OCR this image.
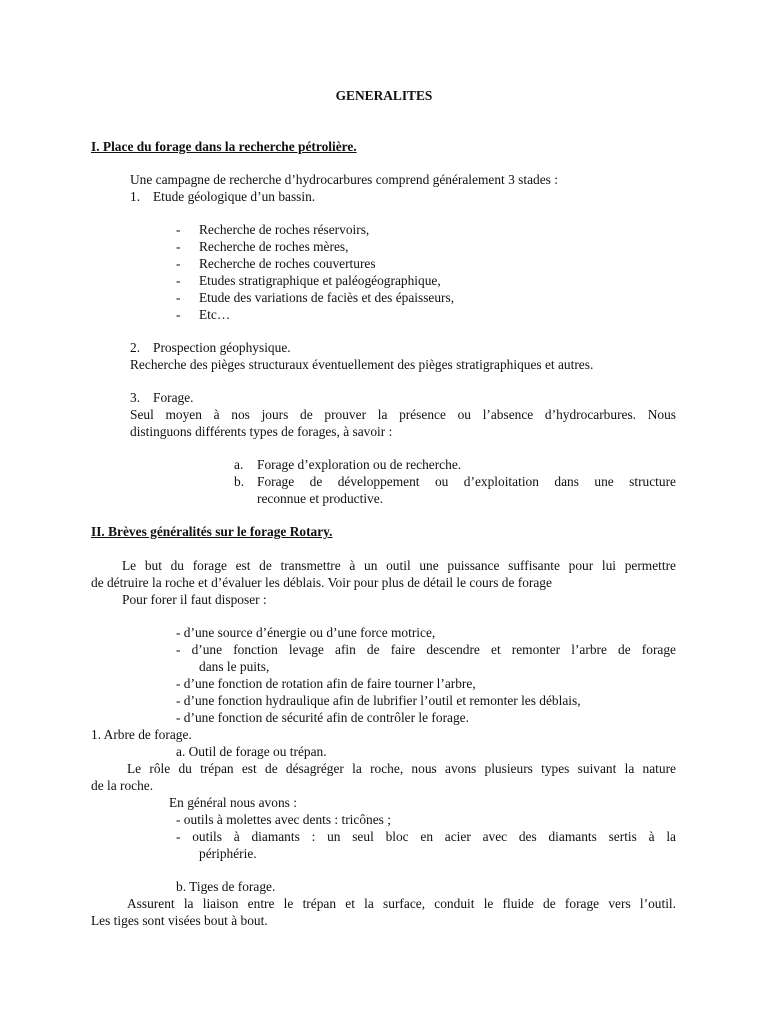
GENERALITES
I. Place du forage dans la recherche pétrolière.
Une campagne de recherche d’hydrocarbures comprend généralement 3 stades :
1. Etude géologique d’un bassin.
- Recherche de roches réservoirs,
- Recherche de roches mères,
- Recherche de roches couvertures
- Etudes stratigraphique et paléogéographique,
- Etude des variations de faciès et des épaisseurs,
- Etc…
2. Prospection géophysique.
Recherche des pièges structuraux éventuellement des pièges stratigraphiques et autres.
3. Forage.
Seul moyen à nos jours de prouver la présence ou l’absence d’hydrocarbures. Nous
distinguons différents types de forages, à savoir :
a. Forage d’exploration ou de recherche.
b. Forage de développement ou d’exploitation dans une structure
reconnue et productive.
II. Brèves généralités sur le forage Rotary.
Le but du forage est de transmettre à un outil une puissance suffisante pour lui permettre
de détruire la roche et d’évaluer les déblais. Voir pour plus de détail le cours de forage
Pour forer il faut disposer :
- d’une source d’énergie ou d’une force motrice,
- d’une fonction levage afin de faire descendre et remonter l’arbre de forage
dans le puits,
- d’une fonction de rotation afin de faire tourner l’arbre,
- d’une fonction hydraulique afin de lubrifier l’outil et remonter les déblais,
- d’une fonction de sécurité afin de contrôler le forage.
1. Arbre de forage.
a. Outil de forage ou trépan.
Le rôle du trépan est de désagréger la roche, nous avons plusieurs types suivant la nature
de la roche.
En général nous avons :
- outils à molettes avec dents : tricônes ;
- outils à diamants : un seul bloc en acier avec des diamants sertis à la
périphérie.
b. Tiges de forage.
Assurent la liaison entre le trépan et la surface, conduit le fluide de forage vers l’outil.
Les tiges sont visées bout à bout.
